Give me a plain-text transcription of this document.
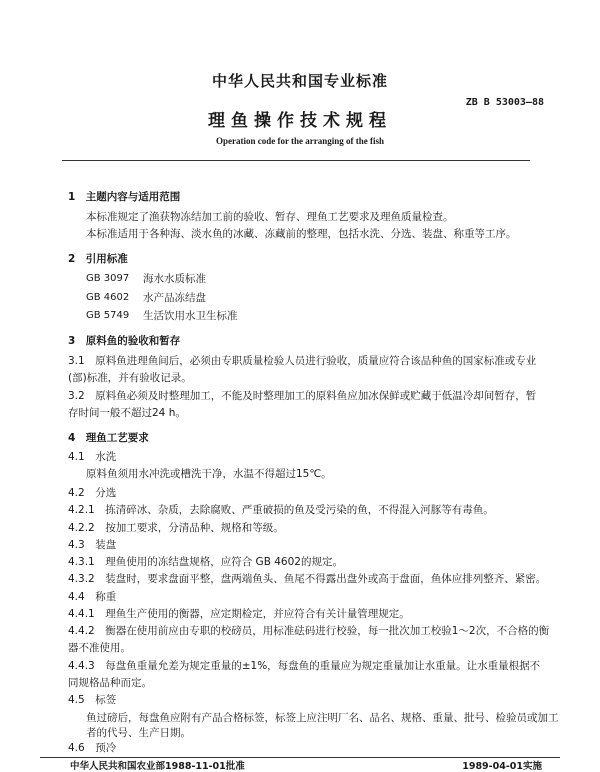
中华人民共和国专业标准
ZB B 53003—88
理鱼操作技术规程
Operation code for the arranging of the fish
1　主题内容与适用范围
本标准规定了渔获物冻结加工前的验收、暂存、理鱼工艺要求及理鱼质量检查。
本标准适用于各种海、淡水鱼的冰藏、冻藏前的整理，包括水洗、分选、装盘、称重等工序。
2　引用标准
GB 3097 海水水质标准
GB 4602 水产品冻结盘
GB 5749 生活饮用水卫生标准
3　原料鱼的验收和暂存
3.1　原料鱼进理鱼间后，必须由专职质量检验人员进行验收，质量应符合该品种鱼的国家标准或专业
(部)标准，并有验收记录。
3.2　原料鱼必须及时整理加工，不能及时整理加工的原料鱼应加冰保鲜或贮藏于低温冷却间暂存，暂
存时间一般不超过24 h。
4　理鱼工艺要求
4.1　水洗
原料鱼须用水冲洗或槽洗干净，水温不得超过15℃。
4.2　分选
4.2.1　拣清碎冰、杂质，去除腐败、严重破损的鱼及受污染的鱼，不得混入河豚等有毒鱼。
4.2.2　按加工要求，分清品种、规格和等级。
4.3　装盘
4.3.1　理鱼使用的冻结盘规格，应符合 GB 4602的规定。
4.3.2　装盘时，要求盘面平整，盘两端鱼头、鱼尾不得露出盘外或高于盘面，鱼体应排列整齐、紧密。
4.4　称重
4.4.1　理鱼生产使用的衡器，应定期检定，并应符合有关计量管理规定。
4.4.2　衡器在使用前应由专职的校磅员，用标准砝码进行校验，每一批次加工校验1～2次，不合格的衡
器不准使用。
4.4.3　每盘鱼重量允差为规定重量的±1%，每盘鱼的重量应为规定重量加让水重量。让水重量根据不
同规格品种而定。
4.5　标签
鱼过磅后，每盘鱼应附有产品合格标签，标签上应注明厂名、品名、规格、重量、批号、检验员或加工
者的代号、生产日期。
4.6　预冷
中华人民共和国农业部1988-11-01批准	1989-04-01实施
